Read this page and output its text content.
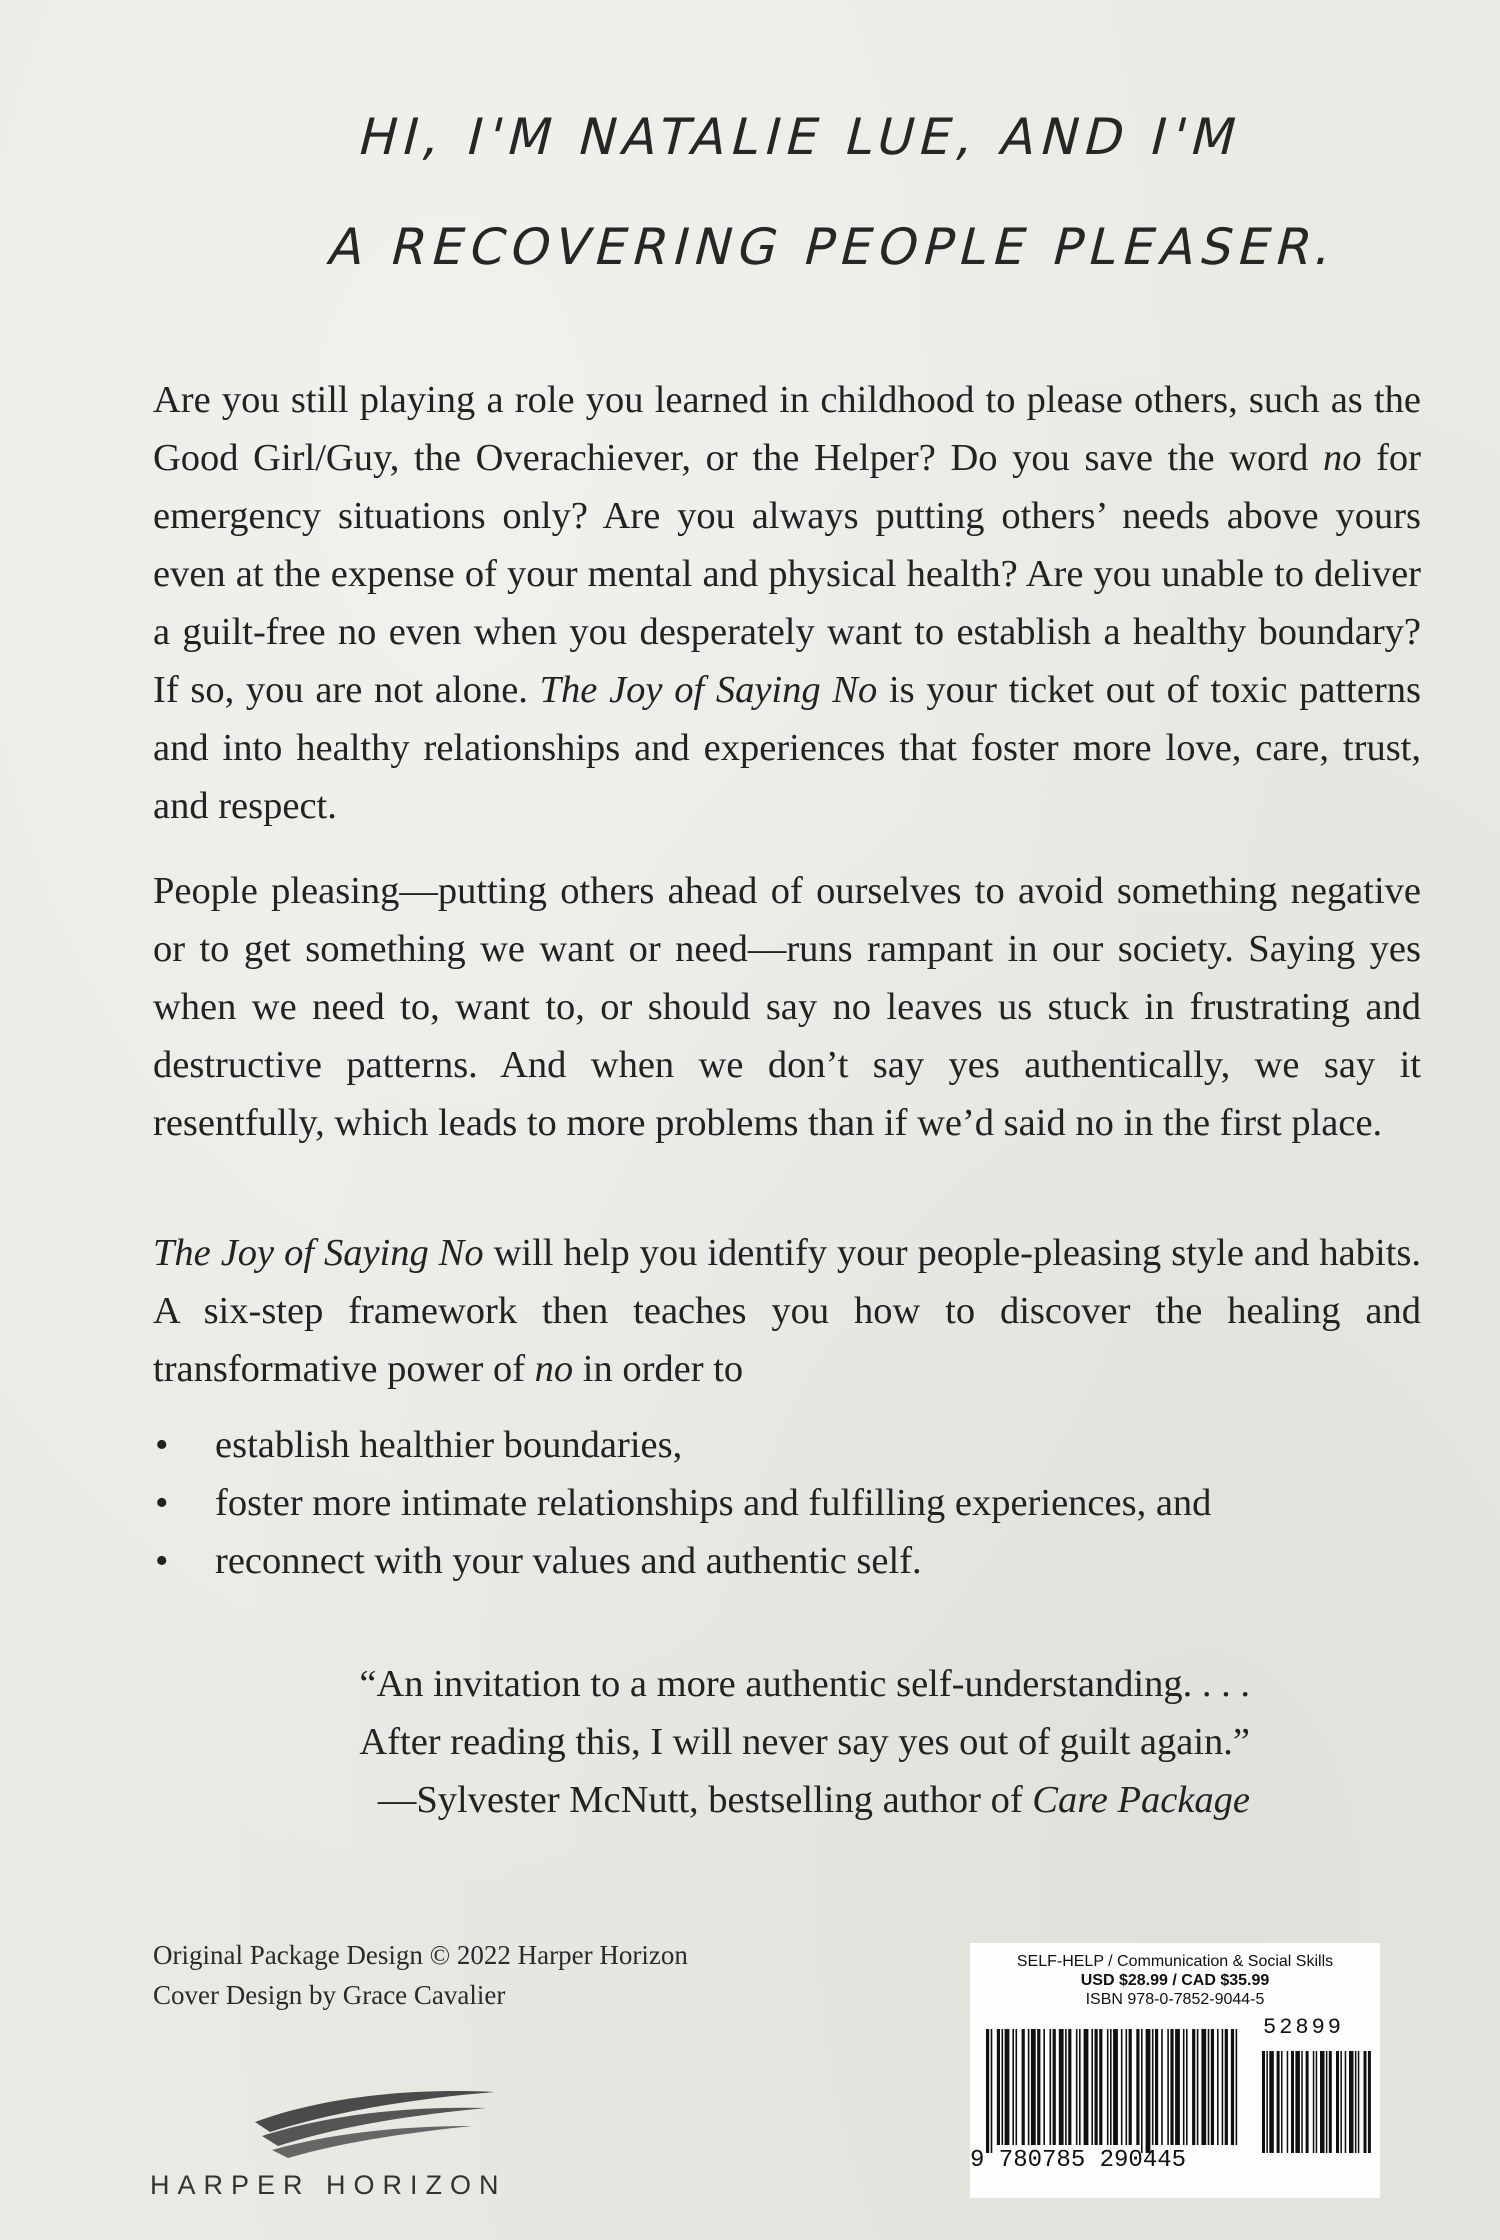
HI, I'M NATALIE LUE, AND I'M
A RECOVERING PEOPLE PLEASER.
Are you still playing a role you learned in childhood to please others, such as the Good Girl/Guy, the Overachiever, or the Helper? Do you save the word no for emergency situations only? Are you always putting others’ needs above yours even at the expense of your mental and physical health? Are you unable to deliver a guilt-free no even when you desperately want to establish a healthy boundary? If so, you are not alone. The Joy of Saying No is your ticket out of toxic patterns and into healthy relationships and experiences that foster more love, care, trust, and respect.
People pleasing—putting others ahead of ourselves to avoid something negative or to get something we want or need—runs rampant in our society. Saying yes when we need to, want to, or should say no leaves us stuck in frustrating and destructive patterns. And when we don’t say yes authentically, we say it resentfully, which leads to more problems than if we’d said no in the first place.
The Joy of Saying No will help you identify your people-pleasing style and habits. A six-step framework then teaches you how to discover the healing and transformative power of no in order to
• establish healthier boundaries,
• foster more intimate relationships and fulfilling experiences, and
• reconnect with your values and authentic self.
“An invitation to a more authentic self-understanding. . . .
After reading this, I will never say yes out of guilt again.”
—Sylvester McNutt, bestselling author of Care Package
Original Package Design © 2022 Harper Horizon
Cover Design by Grace Cavalier
HARPER HORIZON
SELF-HELP / Communication & Social Skills
USD $28.99 / CAD $35.99
ISBN 978-0-7852-9044-5
52899
9 780785 290445
